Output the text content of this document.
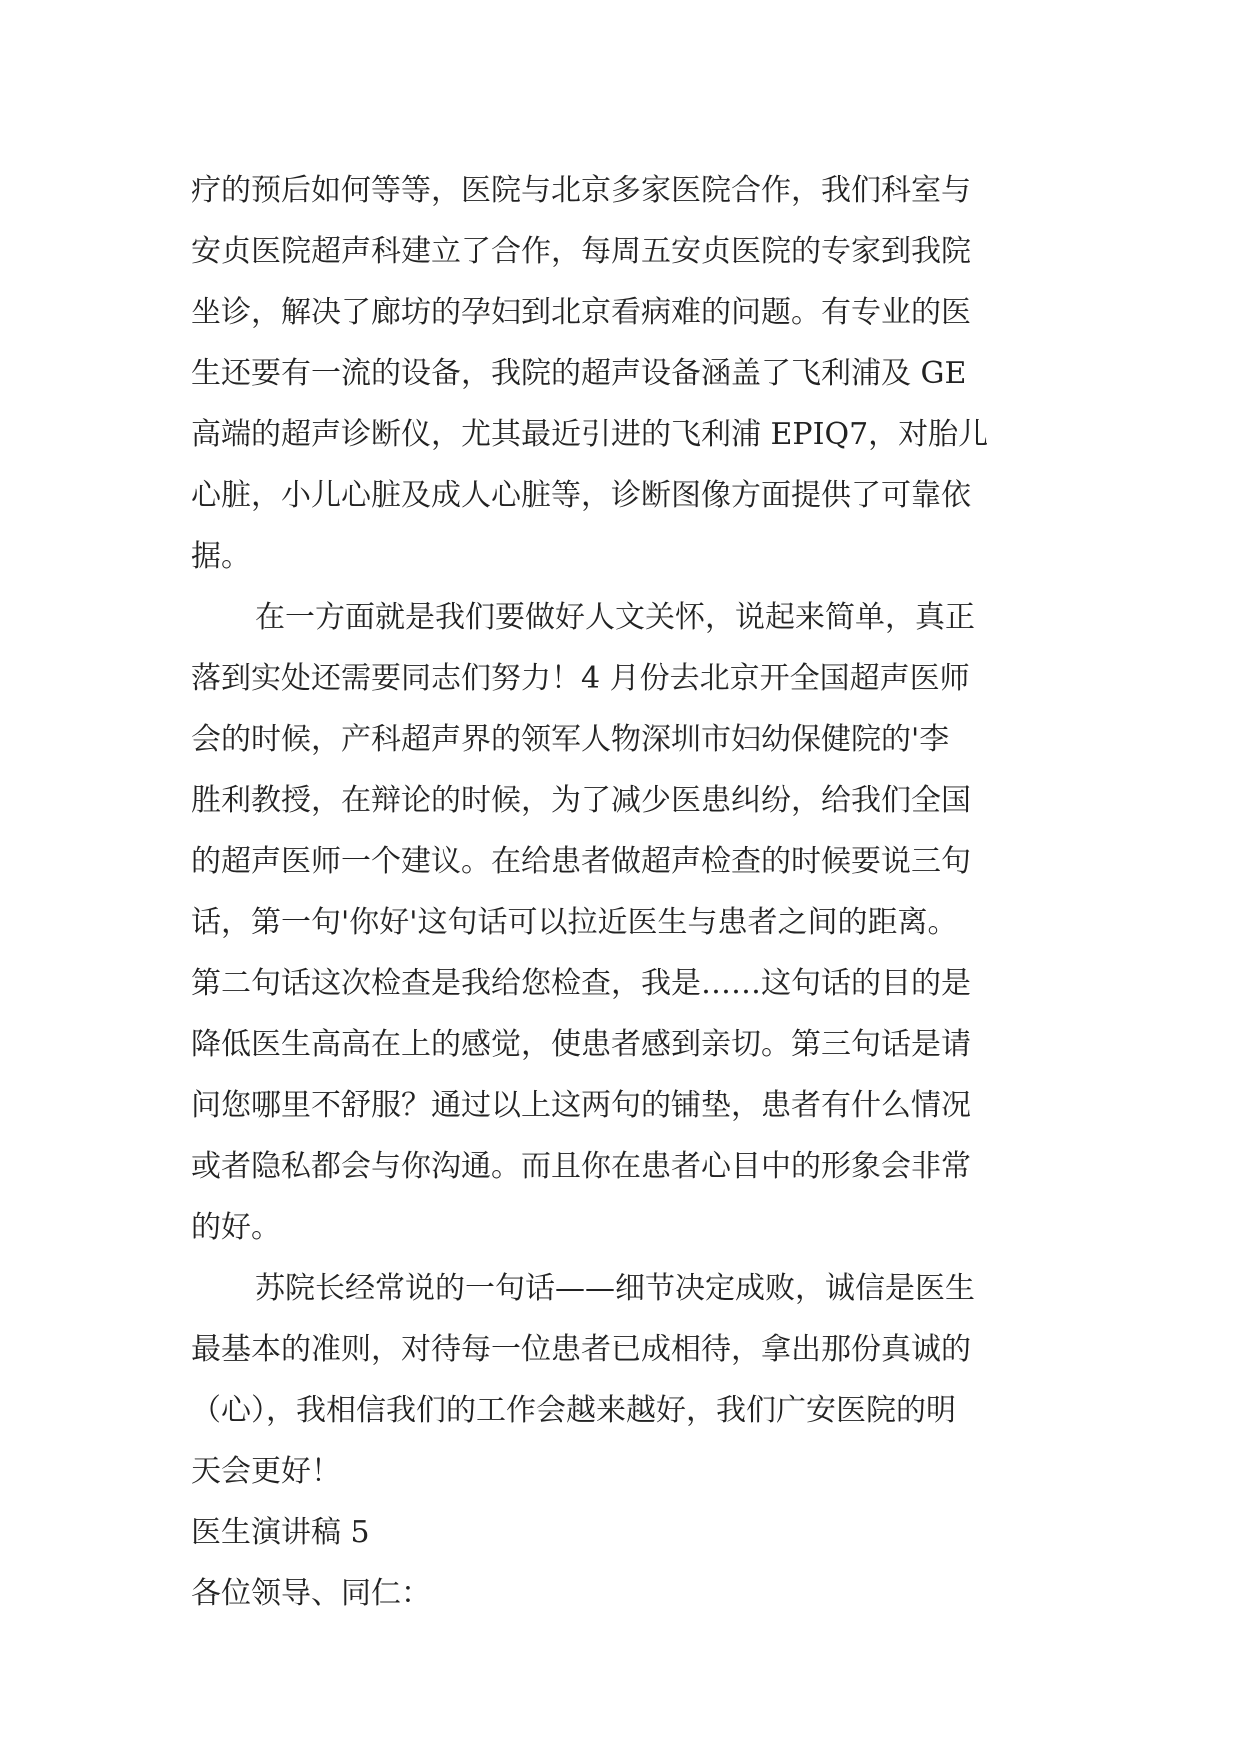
疗的预后如何等等，医院与北京多家医院合作，我们科室与
安贞医院超声科建立了合作，每周五安贞医院的专家到我院
坐诊，解决了廊坊的孕妇到北京看病难的问题。有专业的医
生还要有一流的设备，我院的超声设备涵盖了飞利浦及 GE
高端的超声诊断仪，尤其最近引进的飞利浦 EPIQ7，对胎儿
心脏，小儿心脏及成人心脏等，诊断图像方面提供了可靠依
据。
在一方面就是我们要做好人文关怀，说起来简单，真正
落到实处还需要同志们努力！4 月份去北京开全国超声医师
会的时候，产科超声界的领军人物深圳市妇幼保健院的'李
胜利教授，在辩论的时候，为了减少医患纠纷，给我们全国
的超声医师一个建议。在给患者做超声检查的时候要说三句
话，第一句'你好'这句话可以拉近医生与患者之间的距离。
第二句话这次检查是我给您检查，我是……这句话的目的是
降低医生高高在上的感觉，使患者感到亲切。第三句话是请
问您哪里不舒服？通过以上这两句的铺垫，患者有什么情况
或者隐私都会与你沟通。而且你在患者心目中的形象会非常
的好。
苏院长经常说的一句话——细节决定成败，诚信是医生
最基本的准则，对待每一位患者已成相待，拿出那份真诚的
（心），我相信我们的工作会越来越好，我们广安医院的明
天会更好！
医生演讲稿 5
各位领导、同仁：
